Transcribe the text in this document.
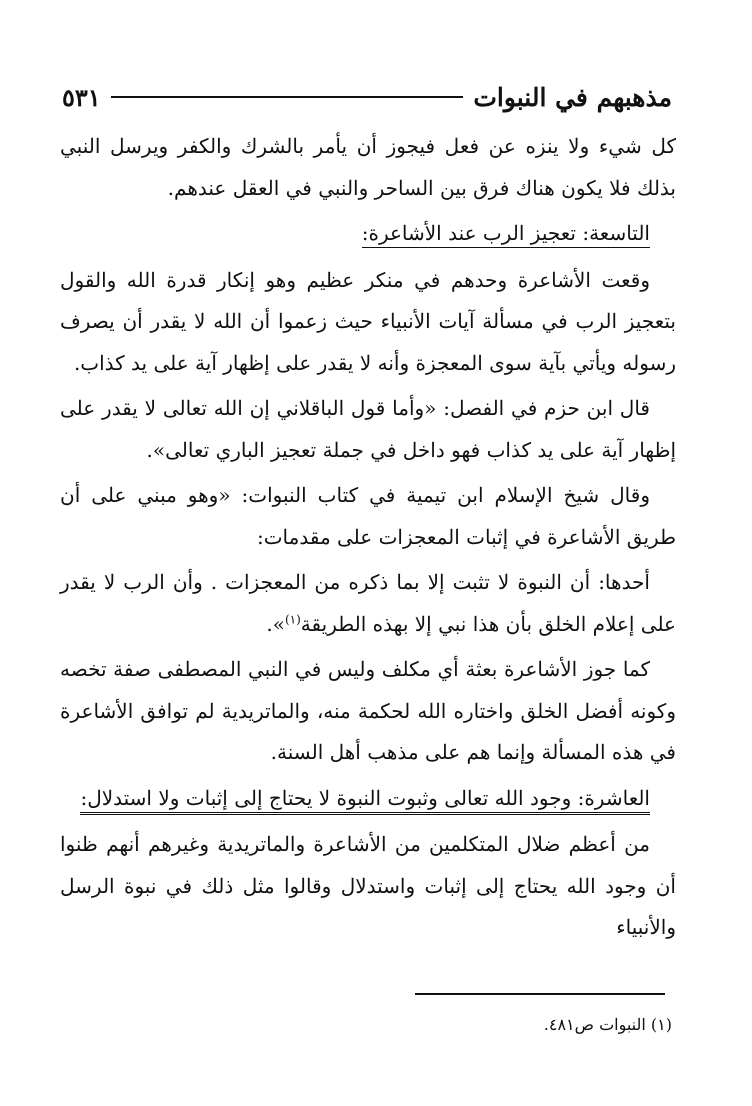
مذهبهم في النبوات
٥٣١

كل شيء ولا ينزه عن فعل فيجوز أن يأمر بالشرك والكفر ويرسل النبي بذلك فلا يكون هناك فرق بين الساحر والنبي في العقل عندهم.

التاسعة: تعجيز الرب عند الأشاعرة:

وقعت الأشاعرة وحدهم في منكر عظيم وهو إنكار قدرة الله والقول بتعجيز الرب في مسألة آيات الأنبياء حيث زعموا أن الله لا يقدر أن يصرف رسوله ويأتي بآية سوى المعجزة وأنه لا يقدر على إظهار آية على يد كذاب.

قال ابن حزم في الفصل: «وأما قول الباقلاني إن الله تعالى لا يقدر على إظهار آية على يد كذاب فهو داخل في جملة تعجيز الباري تعالى».

وقال شيخ الإسلام ابن تيمية في كتاب النبوات: «وهو مبني على أن طريق الأشاعرة في إثبات المعجزات على مقدمات:

أحدها: أن النبوة لا تثبت إلا بما ذكره من المعجزات . وأن الرب لا يقدر على إعلام الخلق بأن هذا نبي إلا بهذه الطريقة$^{(١)}$».

كما جوز الأشاعرة بعثة أي مكلف وليس في النبي المصطفى صفة تخصه وكونه أفضل الخلق واختاره الله لحكمة منه، والماتريدية لم توافق الأشاعرة في هذه المسألة وإنما هم على مذهب أهل السنة.

العاشرة: وجود الله تعالى وثبوت النبوة لا يحتاج إلى إثبات ولا استدلال:

من أعظم ضلال المتكلمين من الأشاعرة والماتريدية وغيرهم أنهم ظنوا أن وجود الله يحتاج إلى إثبات واستدلال وقالوا مثل ذلك في نبوة الرسل والأنبياء

(١) النبوات ص٤٨١.
